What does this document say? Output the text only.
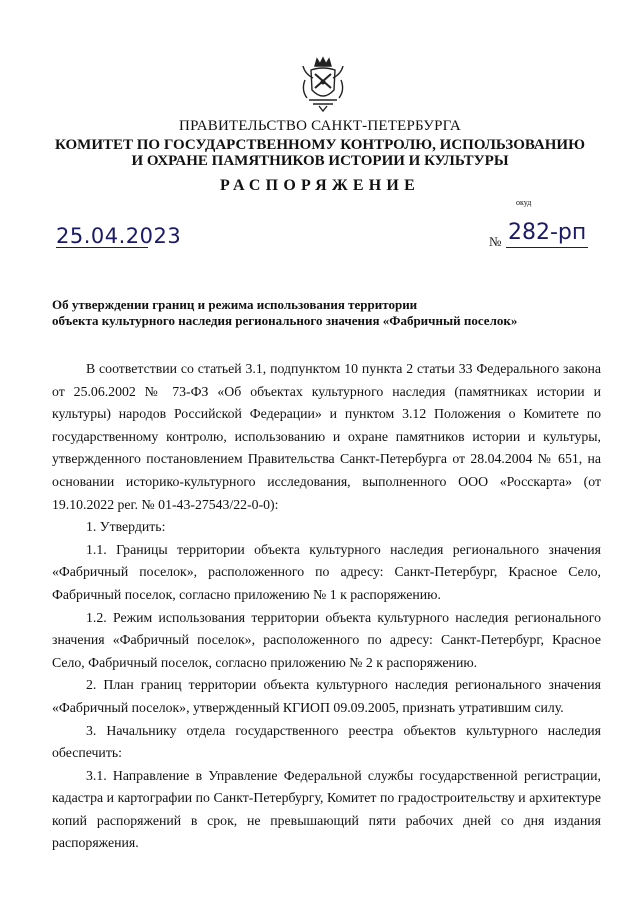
ПРАВИТЕЛЬСТВО САНКТ-ПЕТЕРБУРГА
КОМИТЕТ ПО ГОСУДАРСТВЕННОМУ КОНТРОЛЮ, ИСПОЛЬЗОВАНИЮ
И ОХРАНЕ ПАМЯТНИКОВ ИСТОРИИ И КУЛЬТУРЫ
РАСПОРЯЖЕНИЕ
окуд
25.04.2023	№ 282-рп
Об утверждении границ и режима использования территории
объекта культурного наследия регионального значения «Фабричный поселок»

В соответствии со статьей 3.1, подпунктом 10 пункта 2 статьи 33 Федерального закона от 25.06.2002 № 73-ФЗ «Об объектах культурного наследия (памятниках истории и культуры) народов Российской Федерации» и пунктом 3.12 Положения о Комитете по государственному контролю, использованию и охране памятников истории и культуры, утвержденного постановлением Правительства Санкт-Петербурга от 28.04.2004 № 651, на основании историко-культурного исследования, выполненного ООО «Росскарта» (от 19.10.2022 рег. № 01-43-27543/22-0-0):

1. Утвердить:

1.1. Границы территории объекта культурного наследия регионального значения «Фабричный поселок», расположенного по адресу: Санкт-Петербург, Красное Село, Фабричный поселок, согласно приложению № 1 к распоряжению.

1.2. Режим использования территории объекта культурного наследия регионального значения «Фабричный поселок», расположенного по адресу: Санкт-Петербург, Красное Село, Фабричный поселок, согласно приложению № 2 к распоряжению.

2. План границ территории объекта культурного наследия регионального значения «Фабричный поселок», утвержденный КГИОП 09.09.2005, признать утратившим силу.

3. Начальнику отдела государственного реестра объектов культурного наследия обеспечить:

3.1. Направление в Управление Федеральной службы государственной регистрации, кадастра и картографии по Санкт-Петербургу, Комитет по градостроительству и архитектуре копий распоряжений в срок, не превышающий пяти рабочих дней со дня издания распоряжения.
